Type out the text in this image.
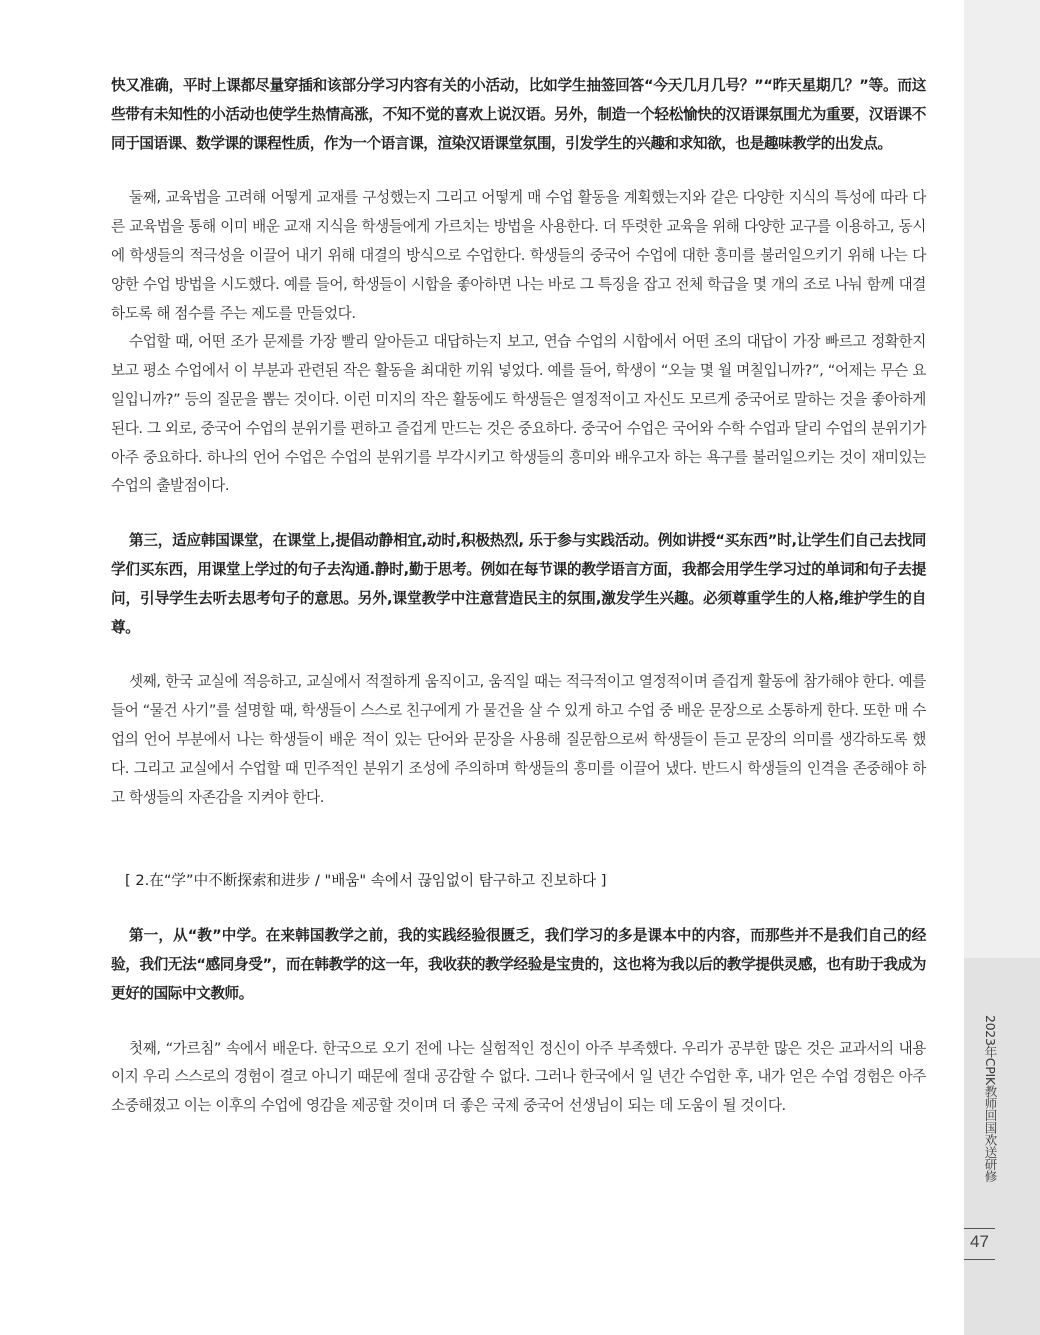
快又准确，平时上课都尽量穿插和该部分学习内容有关的小活动，比如学生抽签回答“今天几月几号？”“昨天星期几？”等。而这些带有未知性的小活动也使学生热情高涨，不知不觉的喜欢上说汉语。另外，制造一个轻松愉快的汉语课氛围尤为重要，汉语课不同于国语课、数学课的课程性质，作为一个语言课，渲染汉语课堂氛围，引发学生的兴趣和求知欲，也是趣味教学的出发点。

둘째, 교육법을 고려해 어떻게 교재를 구성했는지 그리고 어떻게 매 수업 활동을 계획했는지와 같은 다양한 지식의 특성에 따라 다른 교육법을 통해 이미 배운 교재 지식을 학생들에게 가르치는 방법을 사용한다. 더 뚜렷한 교육을 위해 다양한 교구를 이용하고, 동시에 학생들의 적극성을 이끌어 내기 위해 대결의 방식으로 수업한다. 학생들의 중국어 수업에 대한 흥미를 불러일으키기 위해 나는 다양한 수업 방법을 시도했다. 예를 들어, 학생들이 시합을 좋아하면 나는 바로 그 특징을 잡고 전체 학급을 몇 개의 조로 나눠 함께 대결하도록 해 점수를 주는 제도를 만들었다.

수업할 때, 어떤 조가 문제를 가장 빨리 알아듣고 대답하는지 보고, 연습 수업의 시합에서 어떤 조의 대답이 가장 빠르고 정확한지 보고 평소 수업에서 이 부분과 관련된 작은 활동을 최대한 끼워 넣었다. 예를 들어, 학생이 “오늘 몇 월 며칠입니까?”, “어제는 무슨 요일입니까?” 등의 질문을 뽑는 것이다. 이런 미지의 작은 활동에도 학생들은 열정적이고 자신도 모르게 중국어로 말하는 것을 좋아하게 된다. 그 외로, 중국어 수업의 분위기를 편하고 즐겁게 만드는 것은 중요하다. 중국어 수업은 국어와 수학 수업과 달리 수업의 분위기가 아주 중요하다. 하나의 언어 수업은 수업의 분위기를 부각시키고 학생들의 흥미와 배우고자 하는 욕구를 불러일으키는 것이 재미있는 수업의 출발점이다.

第三，适应韩国课堂，在课堂上,提倡动静相宜,动时,积极热烈, 乐于参与实践活动。例如讲授“买东西”时,让学生们自己去找同学们买东西，用课堂上学过的句子去沟通.静时,勤于思考。例如在每节课的教学语言方面，我都会用学生学习过的单词和句子去提问，引导学生去听去思考句子的意思。另外,课堂教学中注意营造民主的氛围,激发学生兴趣。必须尊重学生的人格,维护学生的自尊。

셋째, 한국 교실에 적응하고, 교실에서 적절하게 움직이고, 움직일 때는 적극적이고 열정적이며 즐겁게 활동에 참가해야 한다. 예를 들어 “물건 사기”를 설명할 때, 학생들이 스스로 친구에게 가 물건을 살 수 있게 하고 수업 중 배운 문장으로 소통하게 한다. 또한 매 수업의 언어 부분에서 나는 학생들이 배운 적이 있는 단어와 문장을 사용해 질문함으로써 학생들이 듣고 문장의 의미를 생각하도록 했다. 그리고 교실에서 수업할 때 민주적인 분위기 조성에 주의하며 학생들의 흥미를 이끌어 냈다. 반드시 학생들의 인격을 존중해야 하고 학생들의 자존감을 지켜야 한다.

[ 2.在“学”中不断探索和进步 / "배움" 속에서 끊임없이 탐구하고 진보하다 ]

第一，从“教”中学。在来韩国教学之前，我的实践经验很匮乏，我们学习的多是课本中的内容，而那些并不是我们自己的经验，我们无法“感同身受”，而在韩教学的这一年，我收获的教学经验是宝贵的，这也将为我以后的教学提供灵感，也有助于我成为更好的国际中文教师。

첫째, “가르침” 속에서 배운다. 한국으로 오기 전에 나는 실험적인 정신이 아주 부족했다. 우리가 공부한 많은 것은 교과서의 내용이지 우리 스스로의 경험이 결코 아니기 때문에 절대 공감할 수 없다. 그러나 한국에서 일 년간 수업한 후, 내가 얻은 수업 경험은 아주 소중해졌고 이는 이후의 수업에 영감을 제공할 것이며 더 좋은 국제 중국어 선생님이 되는 데 도움이 될 것이다.	2023年CPIK教师回国欢送研修
47
